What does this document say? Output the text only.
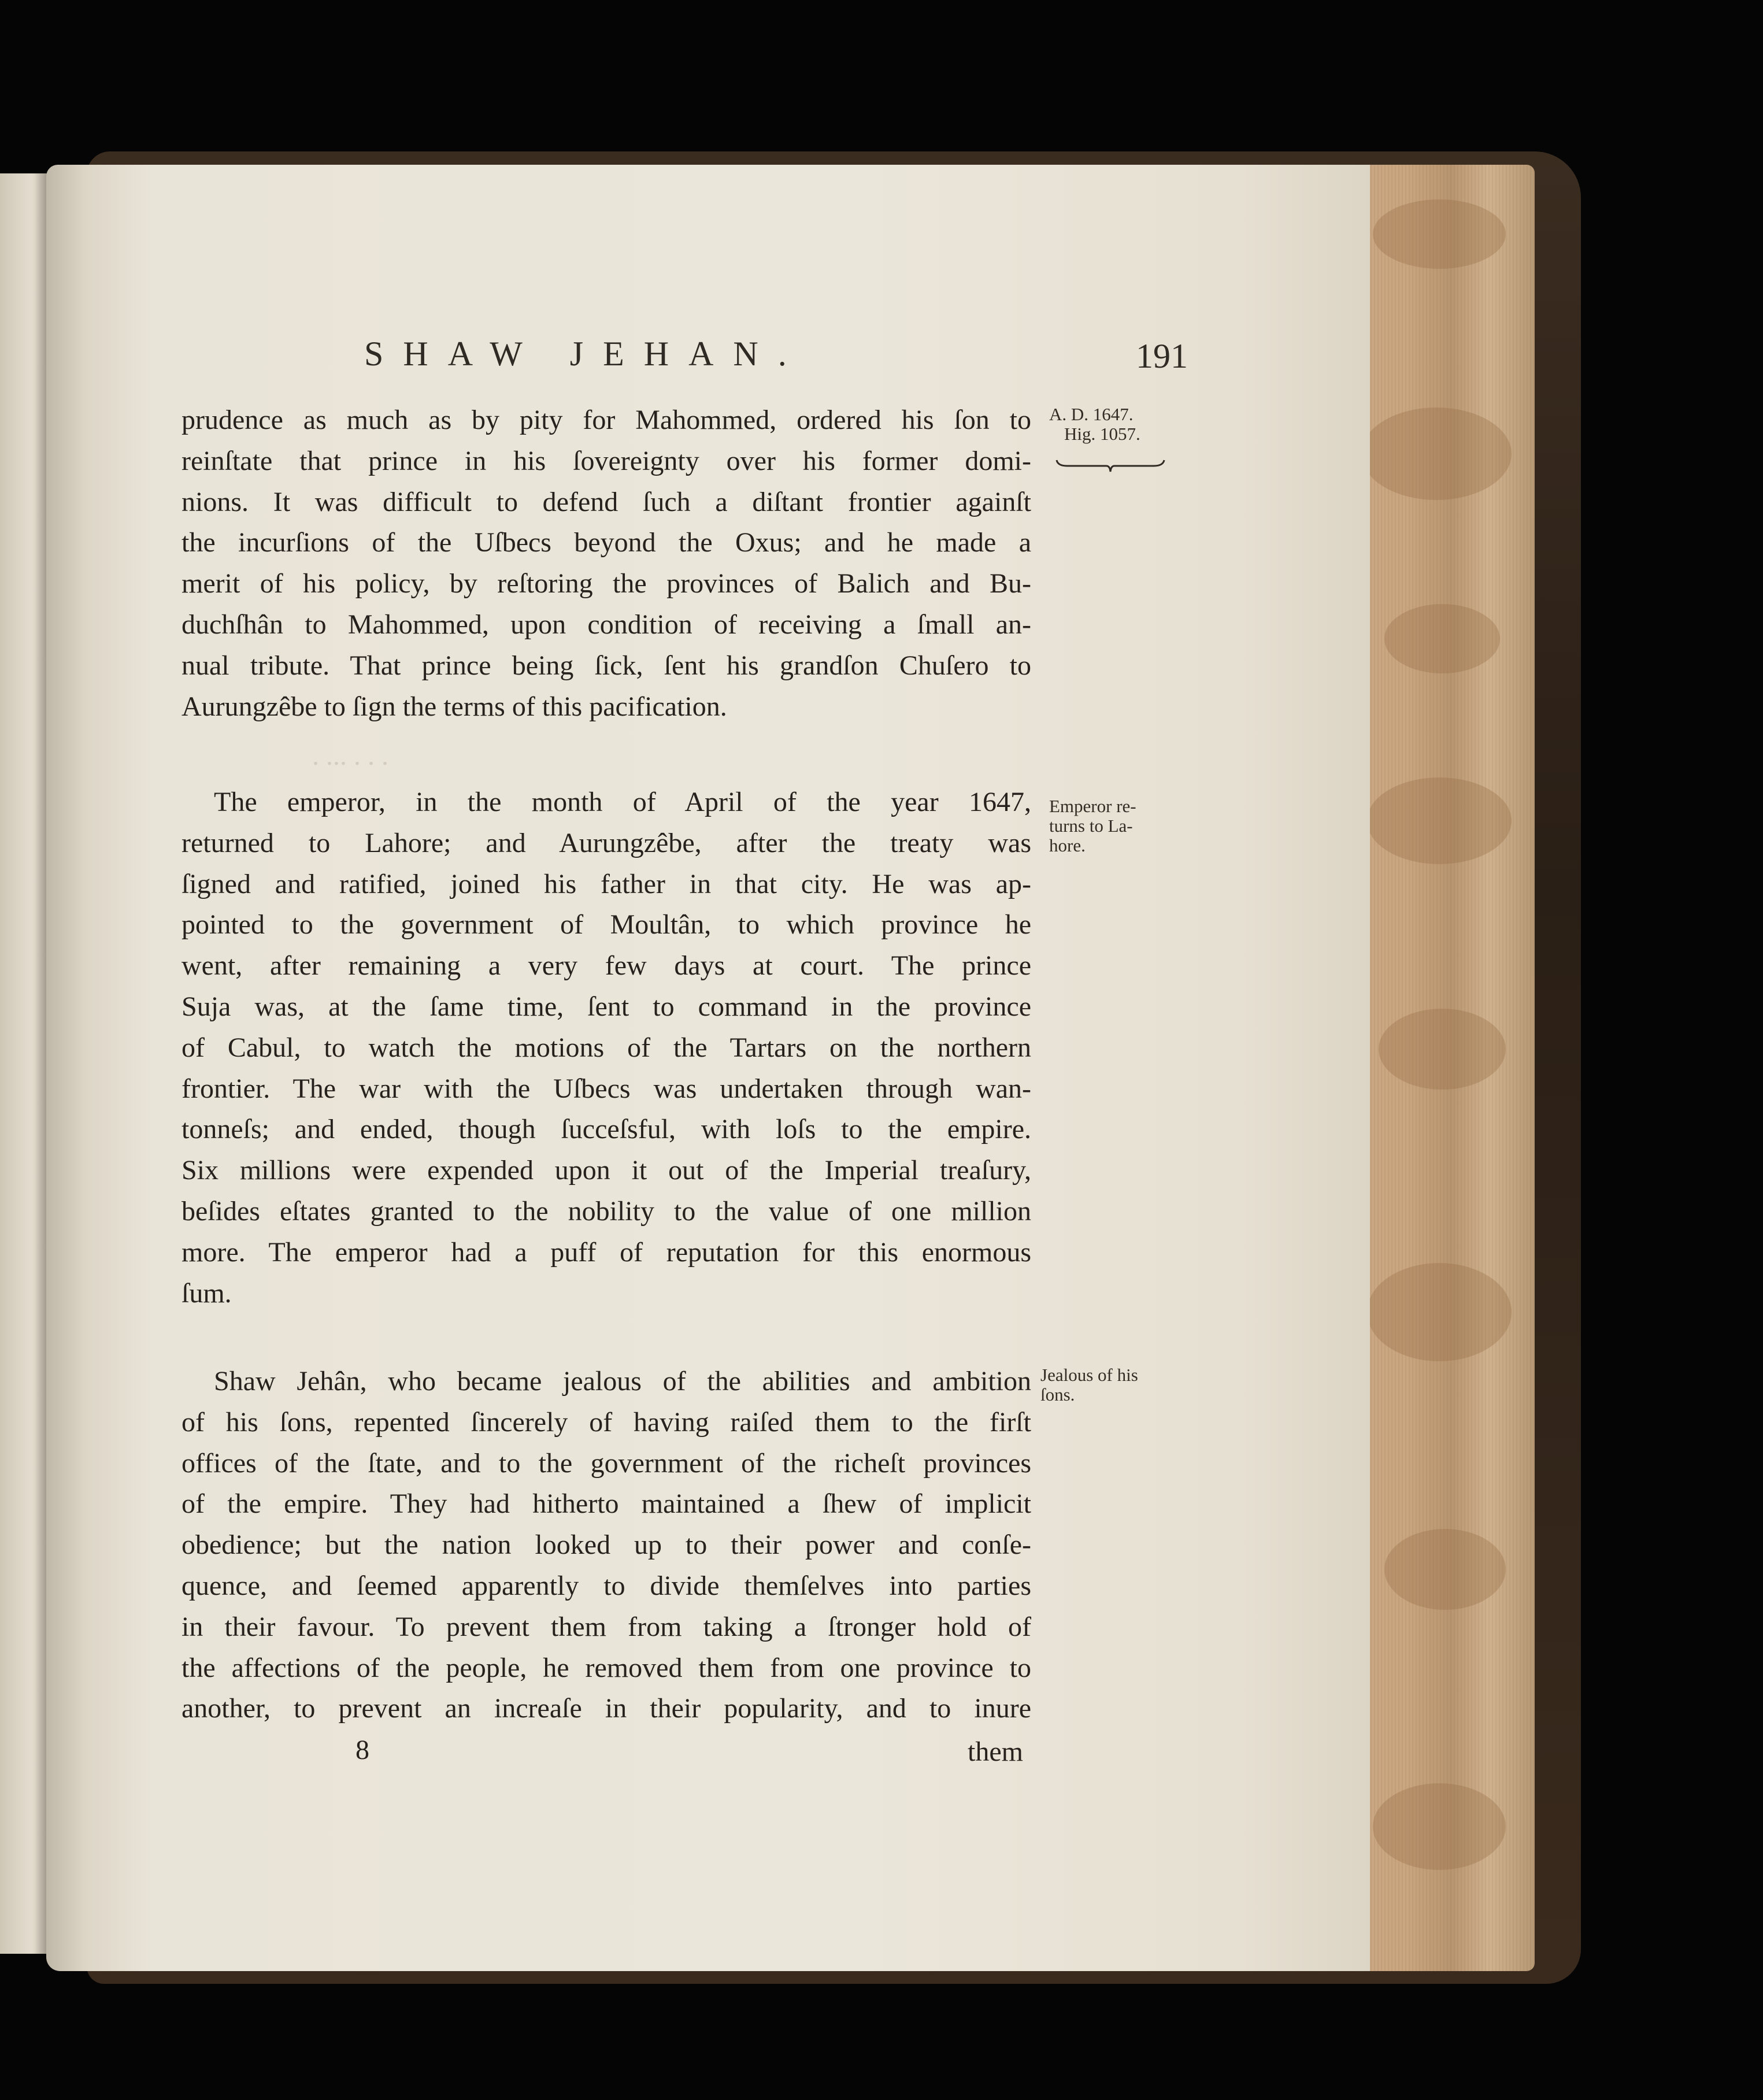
. ... . . .
SHAW JEHAN.	191
A. D. 1647.
Hig. 1057.
Emperor re-
turns to La-
hore.
Jealous of his
ſons.
prudence as much as by pity for Mahommed, ordered his ſon to
reinſtate that prince in his ſovereignty over his former domi-
nions. It was difficult to defend ſuch a diſtant frontier againſt
the incurſions of the Uſbecs beyond the Oxus; and he made a
merit of his policy, by reſtoring the provinces of Balich and Bu-
duchſhân to Mahommed, upon condition of receiving a ſmall an-
nual tribute. That prince being ſick, ſent his grandſon Chuſero to
Aurungzêbe to ſign the terms of this pacification.
The emperor, in the month of April of the year 1647,
returned to Lahore; and Aurungzêbe, after the treaty was
ſigned and ratified, joined his father in that city. He was ap-
pointed to the government of Moultân, to which province he
went, after remaining a very few days at court. The prince
Suja was, at the ſame time, ſent to command in the province
of Cabul, to watch the motions of the Tartars on the northern
frontier. The war with the Uſbecs was undertaken through wan-
tonneſs; and ended, though ſucceſsful, with loſs to the empire.
Six millions were expended upon it out of the Imperial treaſury,
beſides eſtates granted to the nobility to the value of one million
more. The emperor had a puff of reputation for this enormous
ſum.
Shaw Jehân, who became jealous of the abilities and ambition
of his ſons, repented ſincerely of having raiſed them to the firſt
offices of the ſtate, and to the government of the richeſt provinces
of the empire. They had hitherto maintained a ſhew of implicit
obedience; but the nation looked up to their power and conſe-
quence, and ſeemed apparently to divide themſelves into parties
in their favour. To prevent them from taking a ſtronger hold of
the affections of the people, he removed them from one province to
another, to prevent an increaſe in their popularity, and to inure
8	them
